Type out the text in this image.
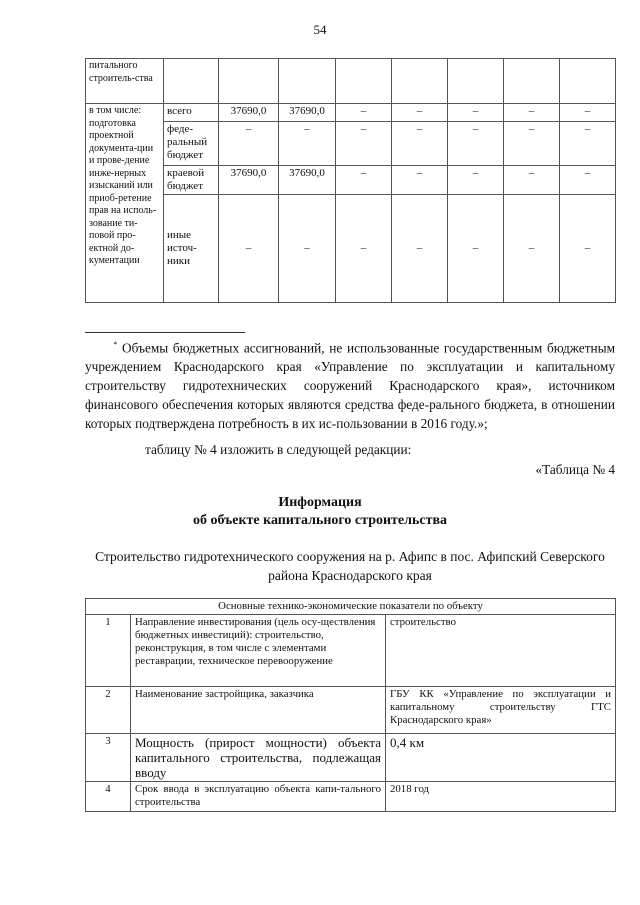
54
питального строитель-ства								
в том числе: подготовка проектной документа-ции и прове-дение инже-нерных изысканий или приоб-ретение прав на исполь-зование ти-повой про-ектной до-кументации	всего	37690,0	37690,0	–	–	–	–	–
	феде-ральный бюджет	–	–	–	–	–	–	–
	краевой бюджет	37690,0	37690,0	–	–	–	–	–
	иные источ-ники	–	–	–	–	–	–	–
* Объемы бюджетных ассигнований, не использованные государственным бюджетным учреждением Краснодарского края «Управление по эксплуатации и капитальному строительству гидротехнических сооружений Краснодарского края», источником финансового обеспечения которых являются средства феде-рального бюджета, в отношении которых подтверждена потребность в их ис-пользовании в 2016 году.»;
таблицу № 4 изложить в следующей редакции:
«Таблица № 4
Информация
об объекте капитального строительства
Строительство гидротехнического сооружения на р. Афипс в пос. Афипский Северского района Краснодарского края
Основные технико-экономические показатели по объекту		
1	Направление инвестирования (цель осу-ществления бюджетных инвестиций): строительство, реконструкция, в том числе с элементами реставрации, техническое перевооружение	строительство
2	Наименование застройщика, заказчика	ГБУ КК «Управление по эксплуатации и капитальному строительству ГТС Краснодарского края»
3	Мощность (прирост мощности) объекта капитального строительства, подлежащая вводу	0,4 км
4	Срок ввода в эксплуатацию объекта капи-тального строительства	2018 год
